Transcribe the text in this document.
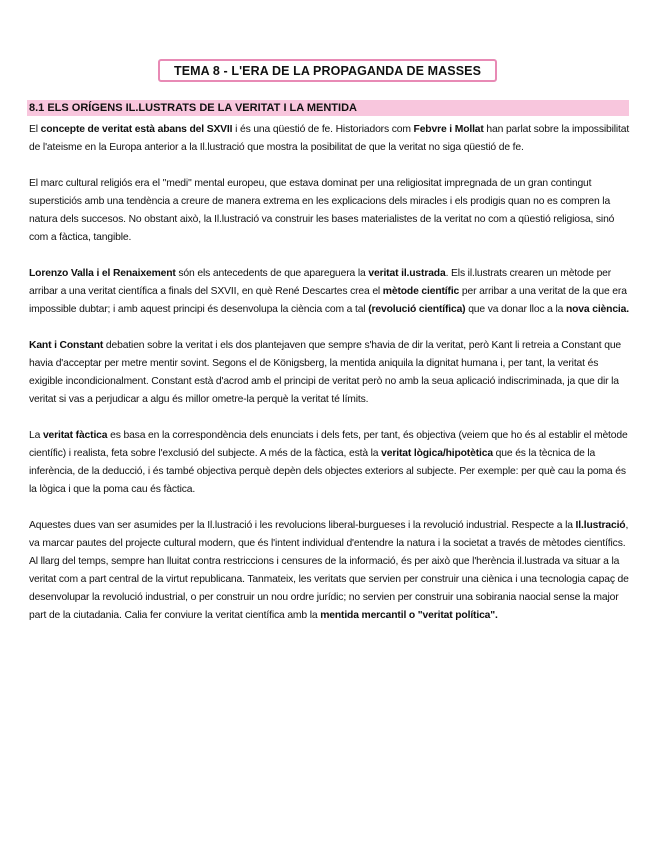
TEMA 8 - L'ERA DE LA PROPAGANDA DE MASSES
8.1 ELS ORÍGENS IL.LUSTRATS DE LA VERITAT I LA MENTIDA

El concepte de veritat està abans del SXVII i és una qüestió de fe. Historiadors com Febvre i Mollat han parlat sobre la impossibilitat de l'ateisme en la Europa anterior a la Il.lustració que mostra la posibilitat de que la veritat no siga qüestió de fe.

El marc cultural religiós era el ''medi'' mental europeu, que estava dominat per una religiositat impregnada de un gran contingut supersticiós amb una tendència a creure de manera extrema en les explicacions dels miracles i els prodigis quan no es compren la natura dels succesos. No obstant això, la Il.lustració va construir les bases materialistes de la veritat no com a qüestió religiosa, sinó com a fàctica, tangible.

Lorenzo Valla i el Renaixement són els antecedents de que apareguera la veritat il.ustrada. Els il.lustrats crearen un mètode per arribar a una veritat científica a finals del SXVII, en què René Descartes crea el mètode científic per arribar a una veritat de la que era impossible dubtar; i amb aquest principi és desenvolupa la ciència com a tal (revolució científica) que va donar lloc a la nova ciència.

Kant i Constant debatien sobre la veritat i els dos plantejaven que sempre s'havia de dir la veritat, però Kant li retreia a Constant que havia d'acceptar per metre mentir sovint. Segons el de Königsberg, la mentida aniquila la dignitat humana i, per tant, la veritat és exigible incondicionalment. Constant està d'acrod amb el principi de veritat però no amb la seua aplicació indiscriminada, ja que dir la veritat si vas a perjudicar a algu és millor ometre-la perquè la veritat té límits.

La veritat fàctica es basa en la correspondència dels enunciats i dels fets, per tant, és objectiva (veiem que ho és al establir el mètode científic) i realista, feta sobre l'exclusió del subjecte. A més de la fàctica, està la veritat lògica/hipotètica que és la tècnica de la inferència, de la deducció, i és també objectiva perquè depèn dels objectes exteriors al subjecte. Per exemple: per què cau la poma és la lògica i que la poma cau és fàctica.

Aquestes dues van ser asumides per la Il.lustració i les revolucions liberal-burgueses i la revolució industrial. Respecte a la Il.lustració, va marcar pautes del projecte cultural modern, que és l'intent individual d'entendre la natura i la societat a través de mètodes científics. Al llarg del temps, sempre han lluitat contra restriccions i censures de la informació, és per això que l'herència il.lustrada va situar a la veritat com a part central de la virtut republicana. Tanmateix, les veritats que servien per construir una ciènica i una tecnologia capaç de desenvolupar la revolució industrial, o per construir un nou ordre jurídic; no servien per construir una sobirania naocial sense la major part de la ciutadania. Calia fer conviure la veritat científica amb la mentida mercantil o "veritat política".
